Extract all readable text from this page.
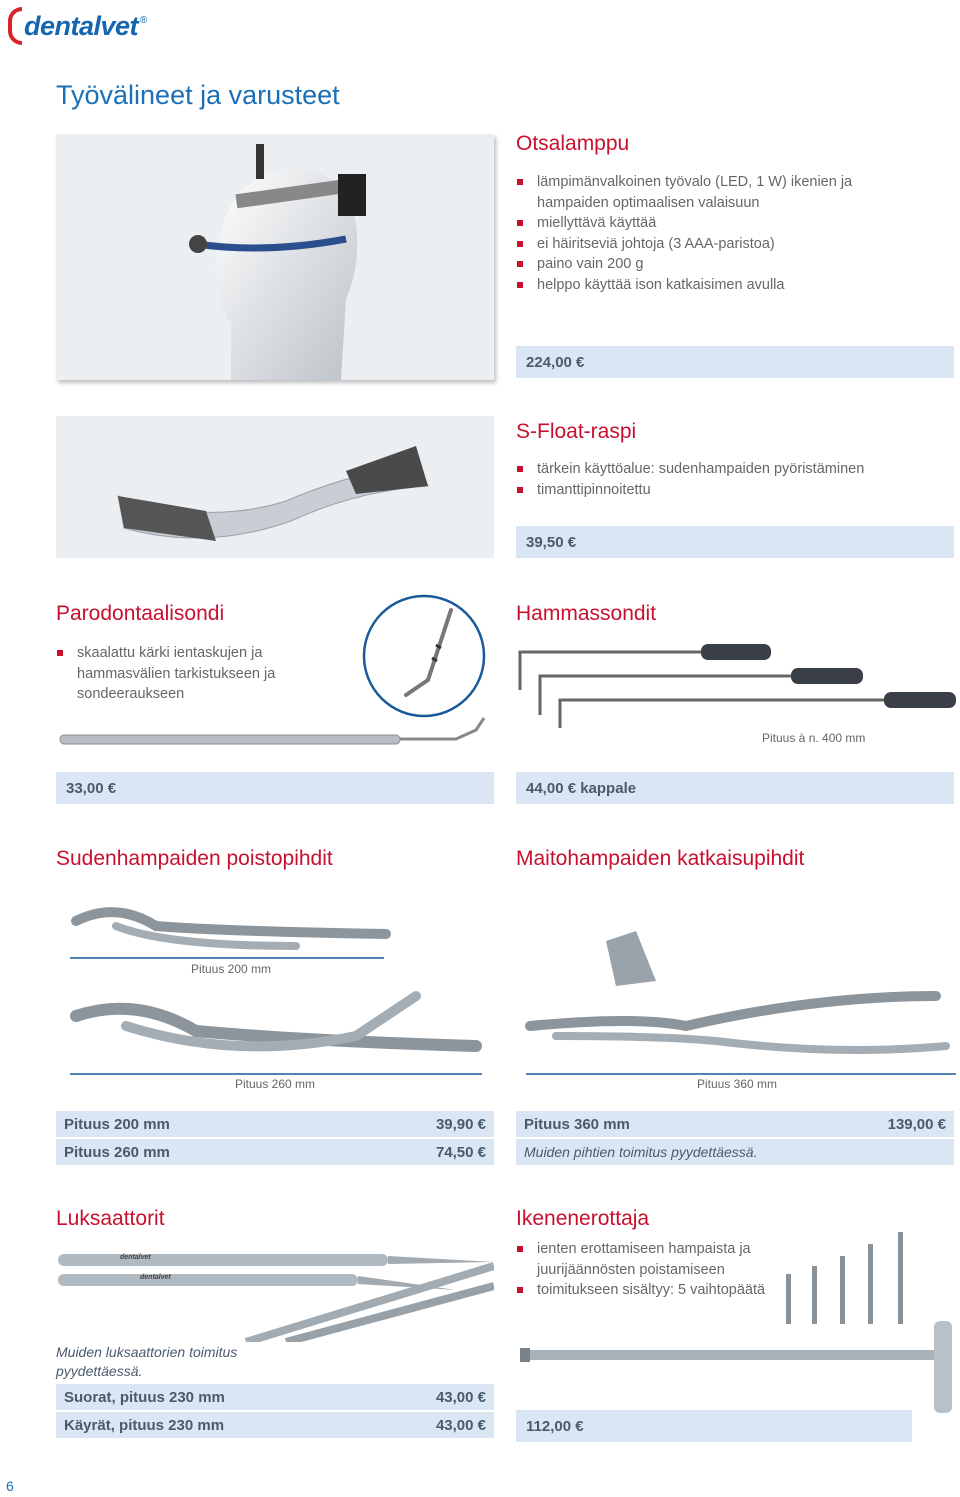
dentalvet ®
Työvälineet ja varusteet
Otsalamppu
lämpimänvalkoinen työvalo (LED, 1 W) ikenien ja hampaiden optimaalisen valaisuun
miellyttävä käyttää
ei häiritseviä johtoja (3 AAA-paristoa)
paino vain 200 g
helppo käyttää ison katkaisimen avulla
224,00 €
S-Float-raspi
tärkein käyttöalue: sudenhampaiden pyöristäminen
timanttipinnoitettu
39,50 €
Parodontaalisondi
skaalattu kärki ientaskujen ja hammasvälien tarkistukseen ja sondeeraukseen
33,00 €
Hammassondit
Pituus à n. 400 mm
44,00 € kappale
Sudenhampaiden poistopihdit
Pituus 200 mm
Pituus 260 mm
Pituus 200 mm	39,90 €
Pituus 260 mm	74,50 €
Maitohampaiden katkaisupihdit
Pituus 360 mm
Pituus 360 mm	139,00 €
Muiden pihtien toimitus pyydettäessä.
Luksaattorit
dentalvet
dentalvet
Muiden luksaattorien toimitus pyydettäessä.
Suorat, pituus 230 mm	43,00 €
Käyrät, pituus 230 mm	43,00 €
Ikenenerottaja
ienten erottamiseen hampaista ja juurijäännösten poistamiseen
toimitukseen sisältyy: 5 vaihtopäätä
112,00 €
6
